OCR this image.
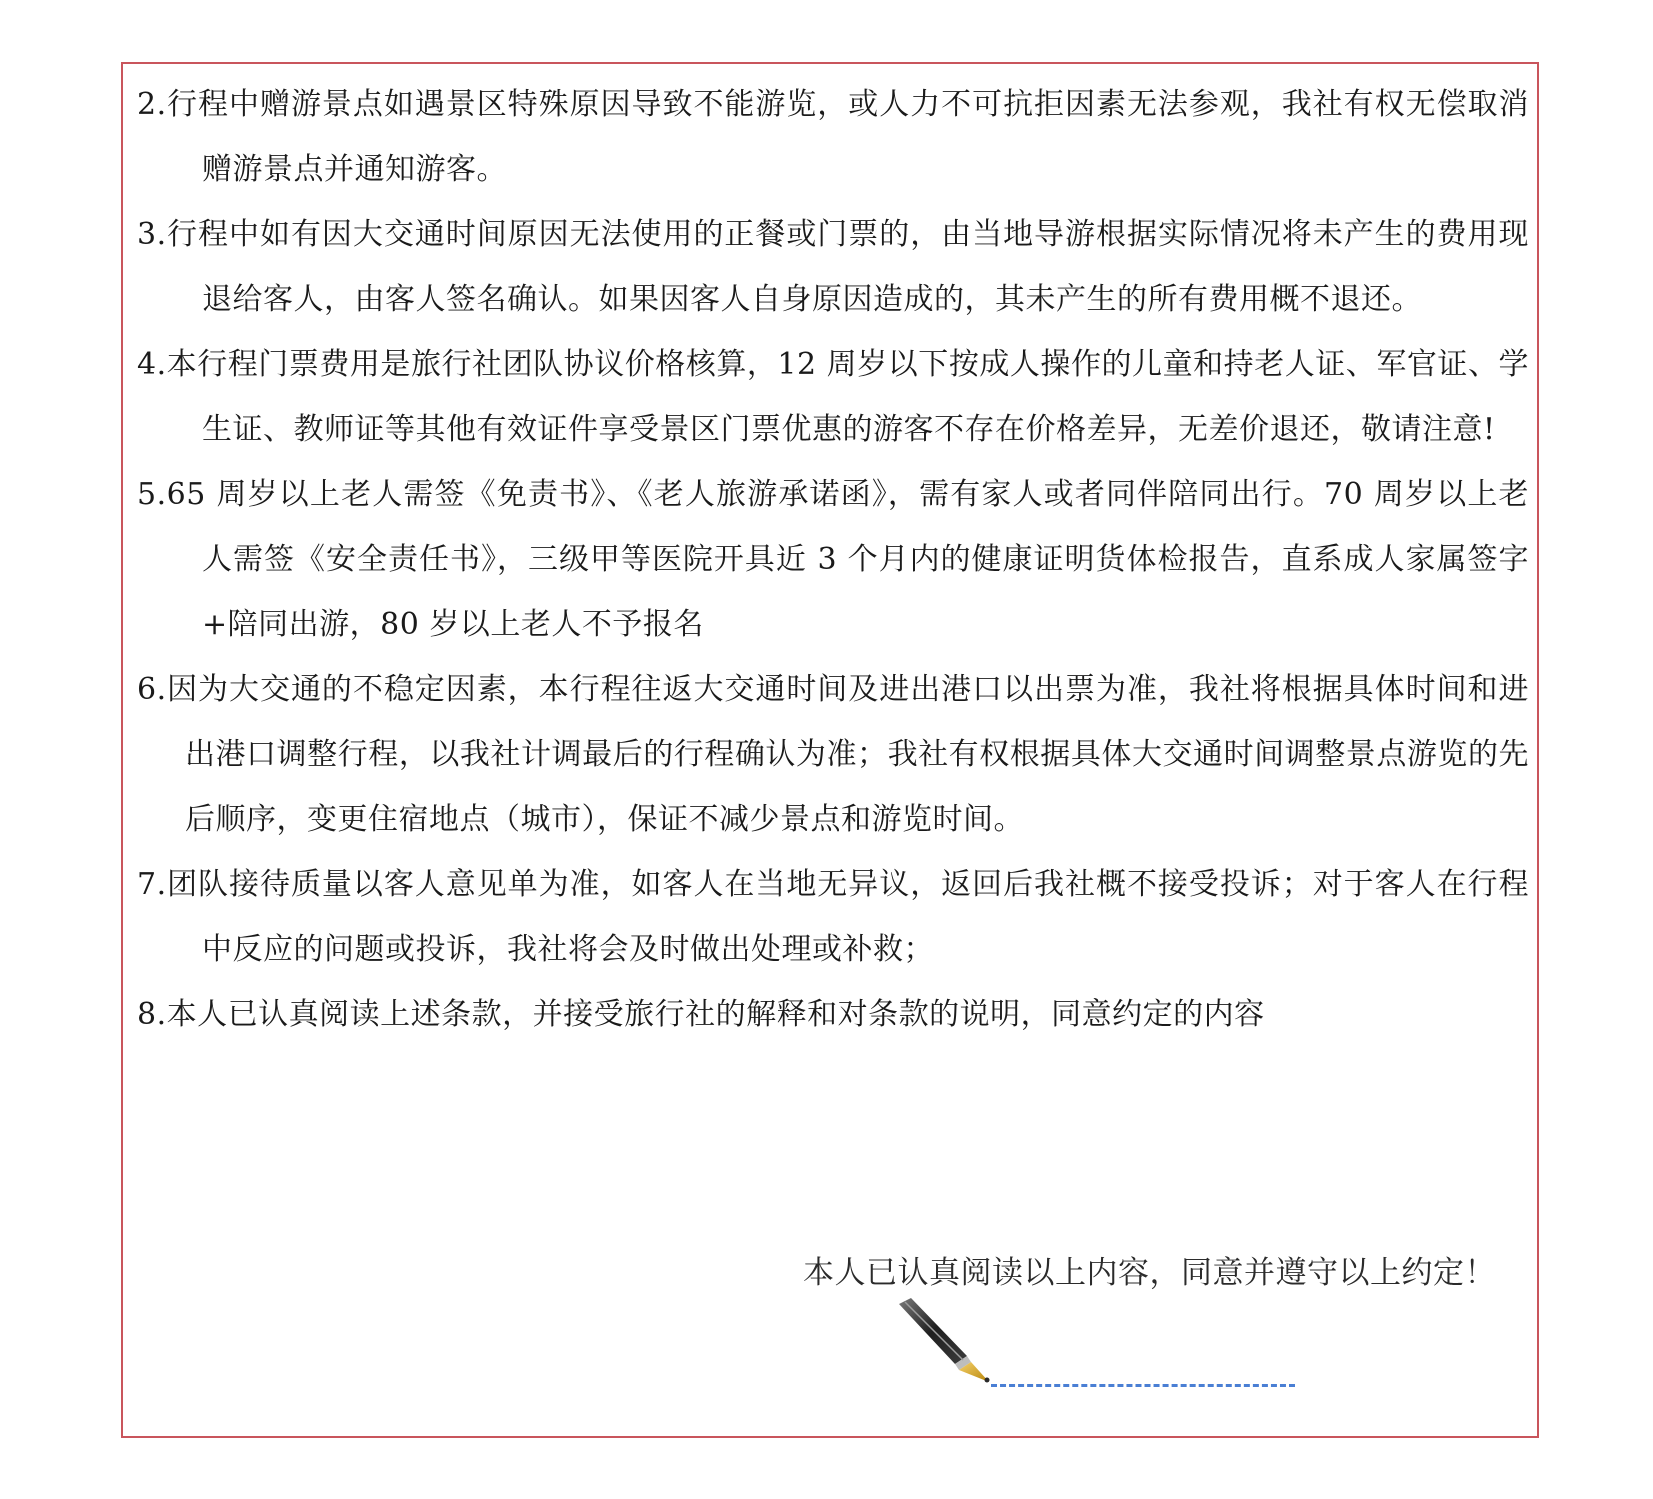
2.行程中赠游景点如遇景区特殊原因导致不能游览，或人力不可抗拒因素无法参观，我社有权无偿取消赠游景点并通知游客。
3.行程中如有因大交通时间原因无法使用的正餐或门票的，由当地导游根据实际情况将未产生的费用现退给客人，由客人签名确认。如果因客人自身原因造成的，其未产生的所有费用概不退还。
4.本行程门票费用是旅行社团队协议价格核算，12 周岁以下按成人操作的儿童和持老人证、军官证、学生证、教师证等其他有效证件享受景区门票优惠的游客不存在价格差异，无差价退还，敬请注意!
5.65 周岁以上老人需签《免责书》、《老人旅游承诺函》，需有家人或者同伴陪同出行。70 周岁以上老人需签《安全责任书》，三级甲等医院开具近 3 个月内的健康证明货体检报告，直系成人家属签字+陪同出游，80 岁以上老人不予报名
6.因为大交通的不稳定因素，本行程往返大交通时间及进出港口以出票为准，我社将根据具体时间和进出港口调整行程，以我社计调最后的行程确认为准；我社有权根据具体大交通时间调整景点游览的先后顺序，变更住宿地点（城市），保证不减少景点和游览时间。
7.团队接待质量以客人意见单为准，如客人在当地无异议，返回后我社概不接受投诉；对于客人在行程中反应的问题或投诉，我社将会及时做出处理或补救；
8.本人已认真阅读上述条款，并接受旅行社的解释和对条款的说明，同意约定的内容
本人已认真阅读以上内容，同意并遵守以上约定！
